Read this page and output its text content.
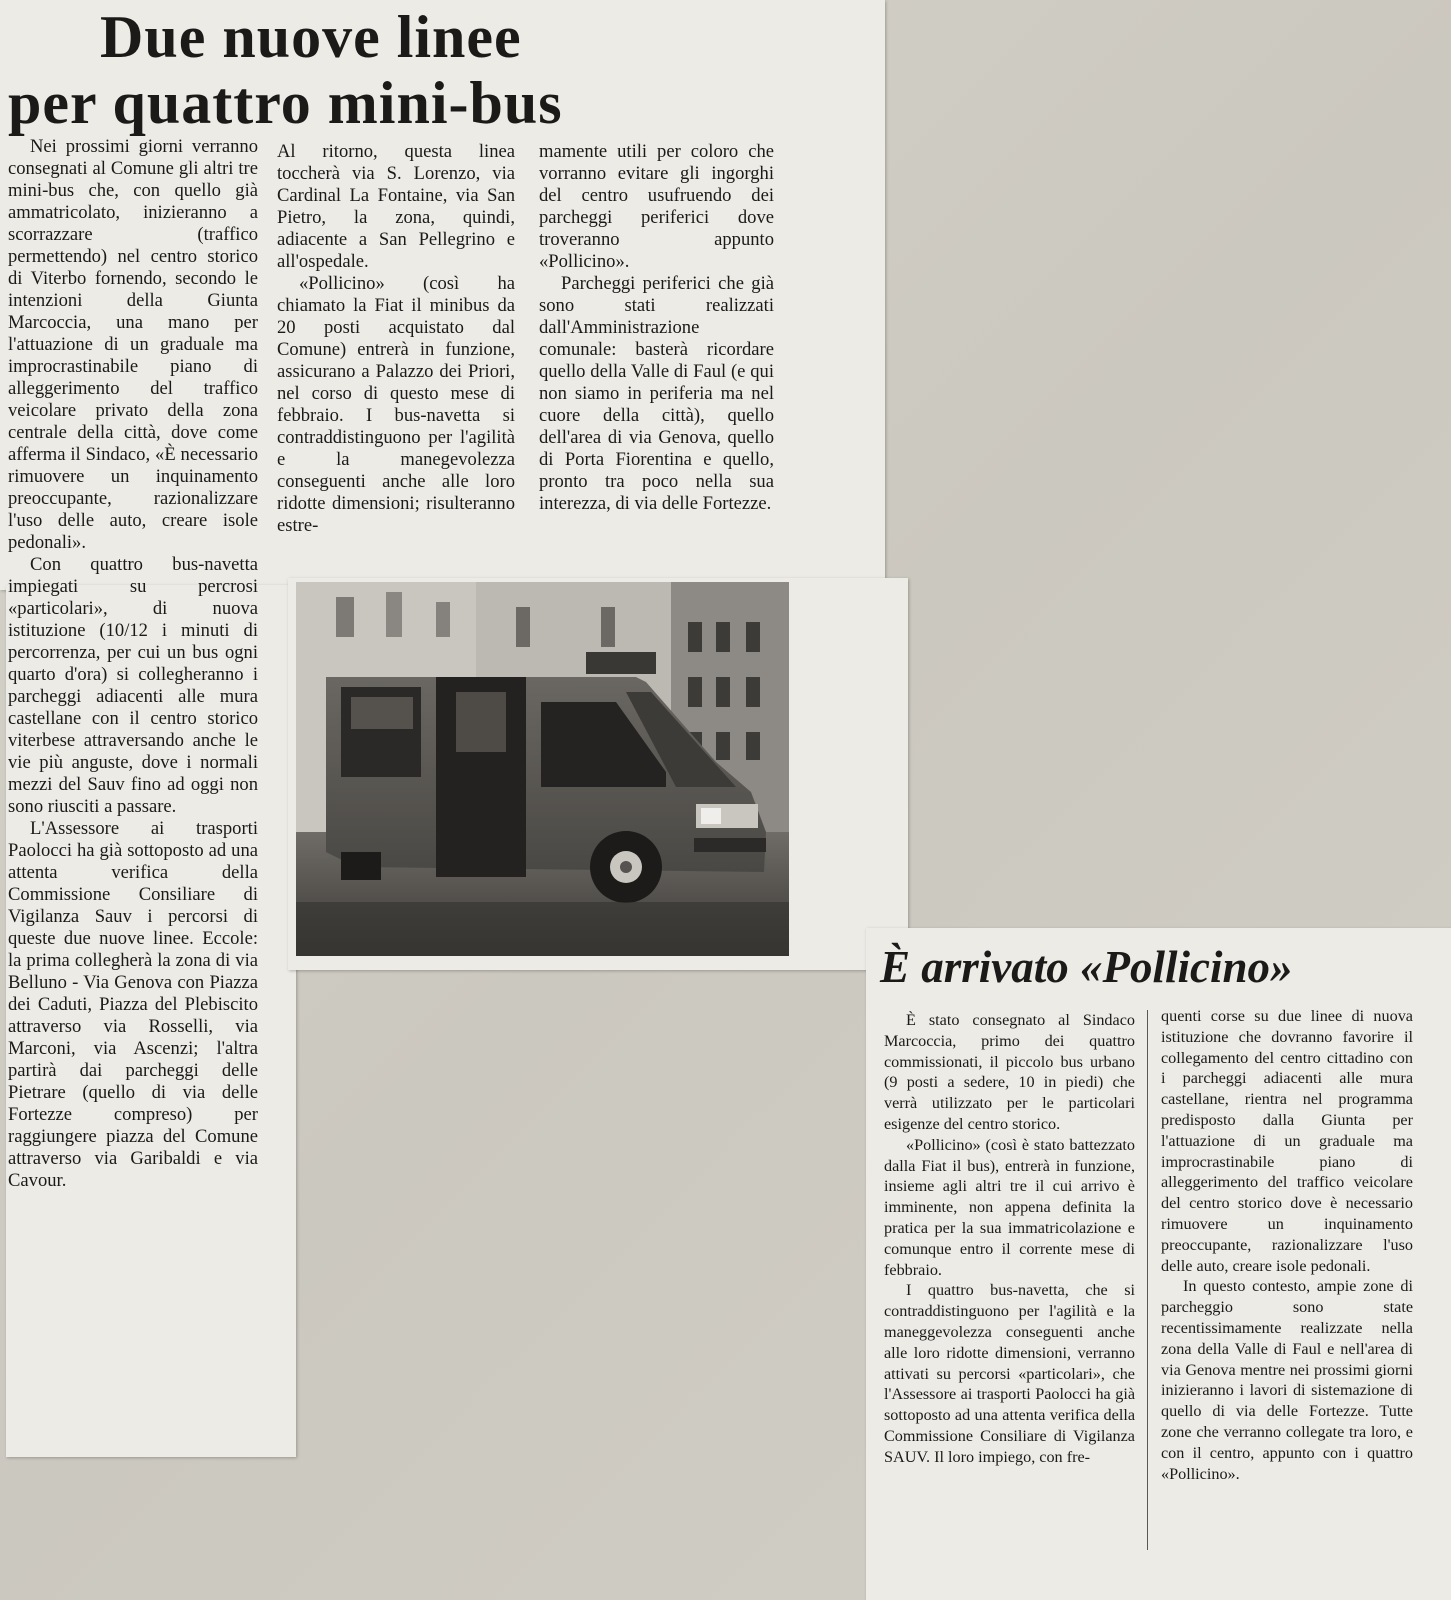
Due nuove linee
per quattro mini-bus

Nei prossimi giorni verranno consegnati al Comune gli altri tre mini-bus che, con quello già ammatricolato, inizieranno a scorrazzare (traffico permettendo) nel centro storico di Viterbo fornendo, secondo le intenzioni della Giunta Marcoccia, una mano per l'attuazione di un graduale ma improcrastinabile piano di alleggerimento del traffico veicolare privato della zona centrale della città, dove come afferma il Sindaco, «È necessario rimuovere un inquinamento preoccupante, razionalizzare l'uso delle auto, creare isole pedonali».

Con quattro bus-navetta impiegati su percrosi «particolari», di nuova istituzione (10/12 i minuti di percorrenza, per cui un bus ogni quarto d'ora) si collegheranno i parcheggi adiacenti alle mura castellane con il centro storico viterbese attraversando anche le vie più anguste, dove i normali mezzi del Sauv fino ad oggi non sono riusciti a passare.

L'Assessore ai trasporti Paolocci ha già sottoposto ad una attenta verifica della Commissione Consiliare di Vigilanza Sauv i percorsi di queste due nuove linee. Eccole: la prima collegherà la zona di via Belluno - Via Genova con Piazza dei Caduti, Piazza del Plebiscito attraverso via Rosselli, via Marconi, via Ascenzi; l'altra partirà dai parcheggi delle Pietrare (quello di via delle Fortezze compreso) per raggiungere piazza del Comune attraverso via Garibaldi e via Cavour.

Al ritorno, questa linea toccherà via S. Lorenzo, via Cardinal La Fontaine, via San Pietro, la zona, quindi, adiacente a San Pellegrino e all'ospedale.

«Pollicino» (così ha chiamato la Fiat il minibus da 20 posti acquistato dal Comune) entrerà in funzione, assicurano a Palazzo dei Priori, nel corso di questo mese di febbraio. I bus-navetta si contraddistinguono per l'agilità e la manegevolezza conseguenti anche alle loro ridotte dimensioni; risulteranno estre-

mamente utili per coloro che vorranno evitare gli ingorghi del centro usufruendo dei parcheggi periferici dove troveranno appunto «Pollicino».

Parcheggi periferici che già sono stati realizzati dall'Amministrazione comunale: basterà ricordare quello della Valle di Faul (e qui non siamo in periferia ma nel cuore della città), quello dell'area di via Genova, quello di Porta Fiorentina e quello, pronto tra poco nella sua interezza, di via delle Fortezze.

È arrivato «Pollicino»

È stato consegnato al Sindaco Marcoccia, primo dei quattro commissionati, il piccolo bus urbano (9 posti a sedere, 10 in piedi) che verrà utilizzato per le particolari esigenze del centro storico.

«Pollicino» (così è stato battezzato dalla Fiat il bus), entrerà in funzione, insieme agli altri tre il cui arrivo è imminente, non appena definita la pratica per la sua immatricolazione e comunque entro il corrente mese di febbraio.

I quattro bus-navetta, che si contraddistinguono per l'agilità e la maneggevolezza conseguenti anche alle loro ridotte dimensioni, verranno attivati su percorsi «particolari», che l'Assessore ai trasporti Paolocci ha già sottoposto ad una attenta verifica della Commissione Consiliare di Vigilanza SAUV. Il loro impiego, con fre-

quenti corse su due linee di nuova istituzione che dovranno favorire il collegamento del centro cittadino con i parcheggi adiacenti alle mura castellane, rientra nel programma predisposto dalla Giunta per l'attuazione di un graduale ma improcrastinabile piano di alleggerimento del traffico veicolare del centro storico dove è necessario rimuovere un inquinamento preoccupante, razionalizzare l'uso delle auto, creare isole pedonali.

In questo contesto, ampie zone di parcheggio sono state recentissimamente realizzate nella zona della Valle di Faul e nell'area di via Genova mentre nei prossimi giorni inizieranno i lavori di sistemazione di quello di via delle Fortezze. Tutte zone che verranno collegate tra loro, e con il centro, appunto con i quattro «Pollicino».
